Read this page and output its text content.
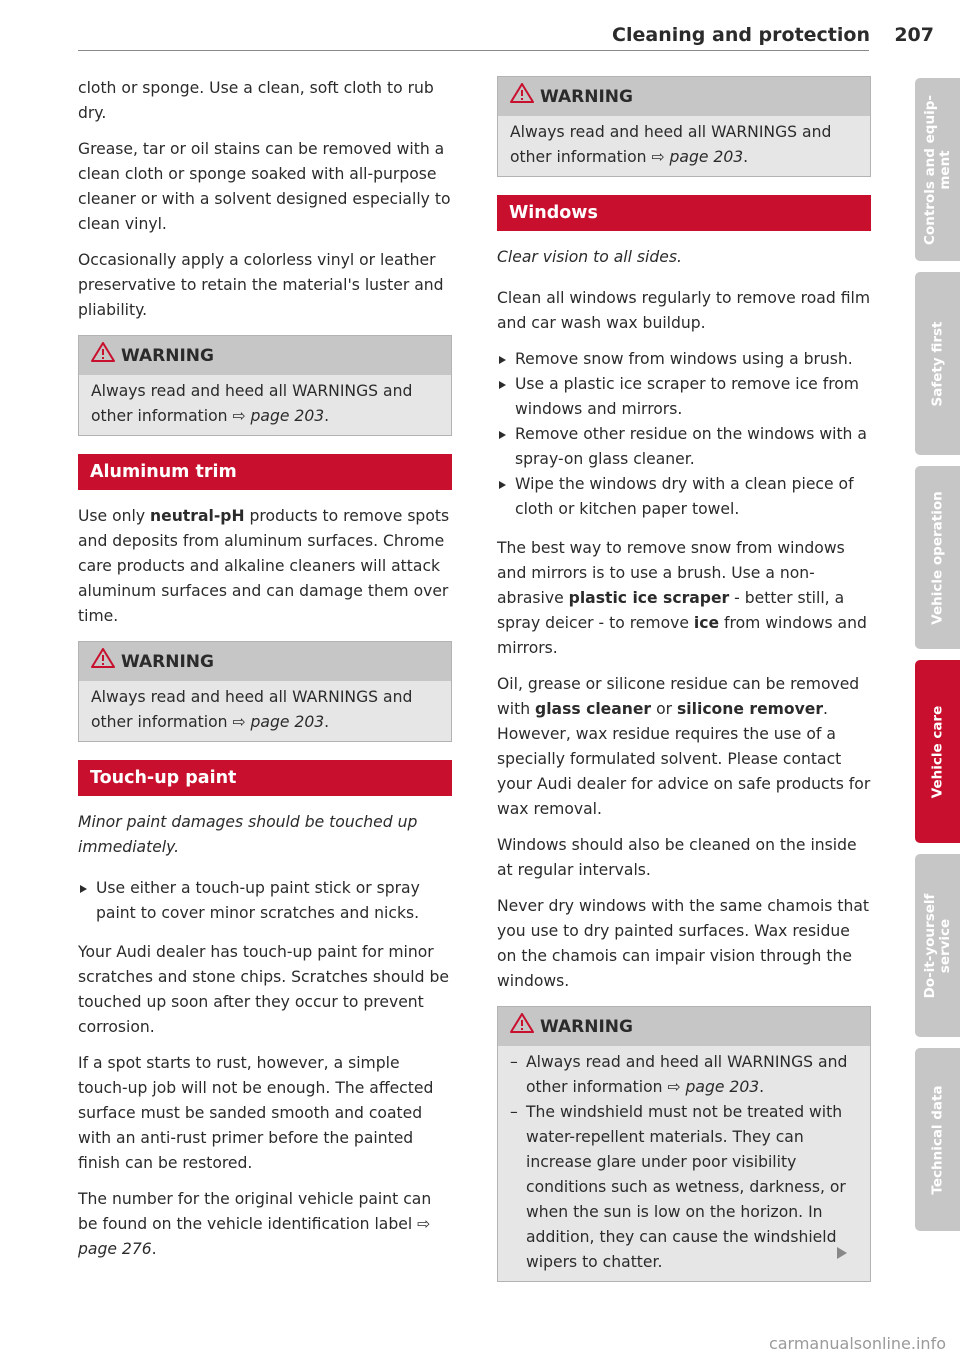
Cleaning and protection 207

cloth or sponge. Use a clean, soft cloth to rub dry.

Grease, tar or oil stains can be removed with a clean cloth or sponge soaked with all-purpose cleaner or with a solvent designed especially to clean vinyl.

Occasionally apply a colorless vinyl or leather preservative to retain the material's luster and pliability.

WARNING

Always read and heed all WARNINGS and other information ⇨ page 203.

Aluminum trim

Use only neutral-pH products to remove spots and deposits from aluminum surfaces. Chrome care products and alkaline cleaners will attack aluminum surfaces and can damage them over time.

WARNING

Always read and heed all WARNINGS and other information ⇨ page 203.

Touch-up paint

Minor paint damages should be touched up immediately.

Use either a touch-up paint stick or spray paint to cover minor scratches and nicks.

Your Audi dealer has touch-up paint for minor scratches and stone chips. Scratches should be touched up soon after they occur to prevent corrosion.

If a spot starts to rust, however, a simple touch-up job will not be enough. The affected surface must be sanded smooth and coated with an anti-rust primer before the painted finish can be restored.

The number for the original vehicle paint can be found on the vehicle identification label ⇨ page 276.

WARNING

Always read and heed all WARNINGS and other information ⇨ page 203.

Windows

Clear vision to all sides.

Clean all windows regularly to remove road film and car wash wax buildup.

Remove snow from windows using a brush.
Use a plastic ice scraper to remove ice from windows and mirrors.
Remove other residue on the windows with a spray-on glass cleaner.
Wipe the windows dry with a clean piece of cloth or kitchen paper towel.

The best way to remove snow from windows and mirrors is to use a brush. Use a non-abrasive plastic ice scraper - better still, a spray deicer - to remove ice from windows and mirrors.

Oil, grease or silicone residue can be removed with glass cleaner or silicone remover. However, wax residue requires the use of a specially formulated solvent. Please contact your Audi dealer for advice on safe products for wax removal.

Windows should also be cleaned on the inside at regular intervals.

Never dry windows with the same chamois that you use to dry painted surfaces. Wax residue on the chamois can impair vision through the windows.

WARNING
– Always read and heed all WARNINGS and other information ⇨ page 203.
– The windshield must not be treated with water-repellent materials. They can increase glare under poor visibility conditions such as wetness, darkness, or when the sun is low on the horizon. In addition, they can cause the windshield wipers to chatter.
Controls and equip-
ment
Safety first
Vehicle operation
Vehicle care
Do-it-yourself
service
Technical data
carmanualsonline.info
